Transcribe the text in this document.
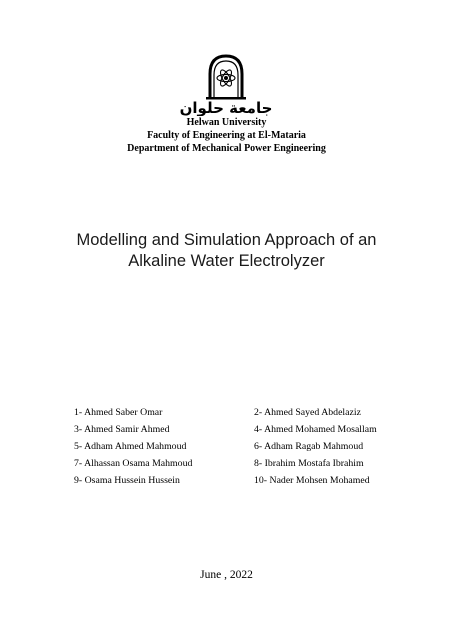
جامعة حلوان
Helwan University
Faculty of Engineering at El-Mataria
Department of Mechanical Power Engineering
Modelling and Simulation Approach of an
Alkaline Water Electrolyzer
1- Ahmed Saber Omar
3- Ahmed Samir Ahmed
5- Adham Ahmed Mahmoud
7- Alhassan Osama Mahmoud
9- Osama Hussein Hussein
2- Ahmed Sayed Abdelaziz
4- Ahmed Mohamed Mosallam
6- Adham Ragab Mahmoud
8- Ibrahim Mostafa Ibrahim
10- Nader Mohsen Mohamed
June , 2022
